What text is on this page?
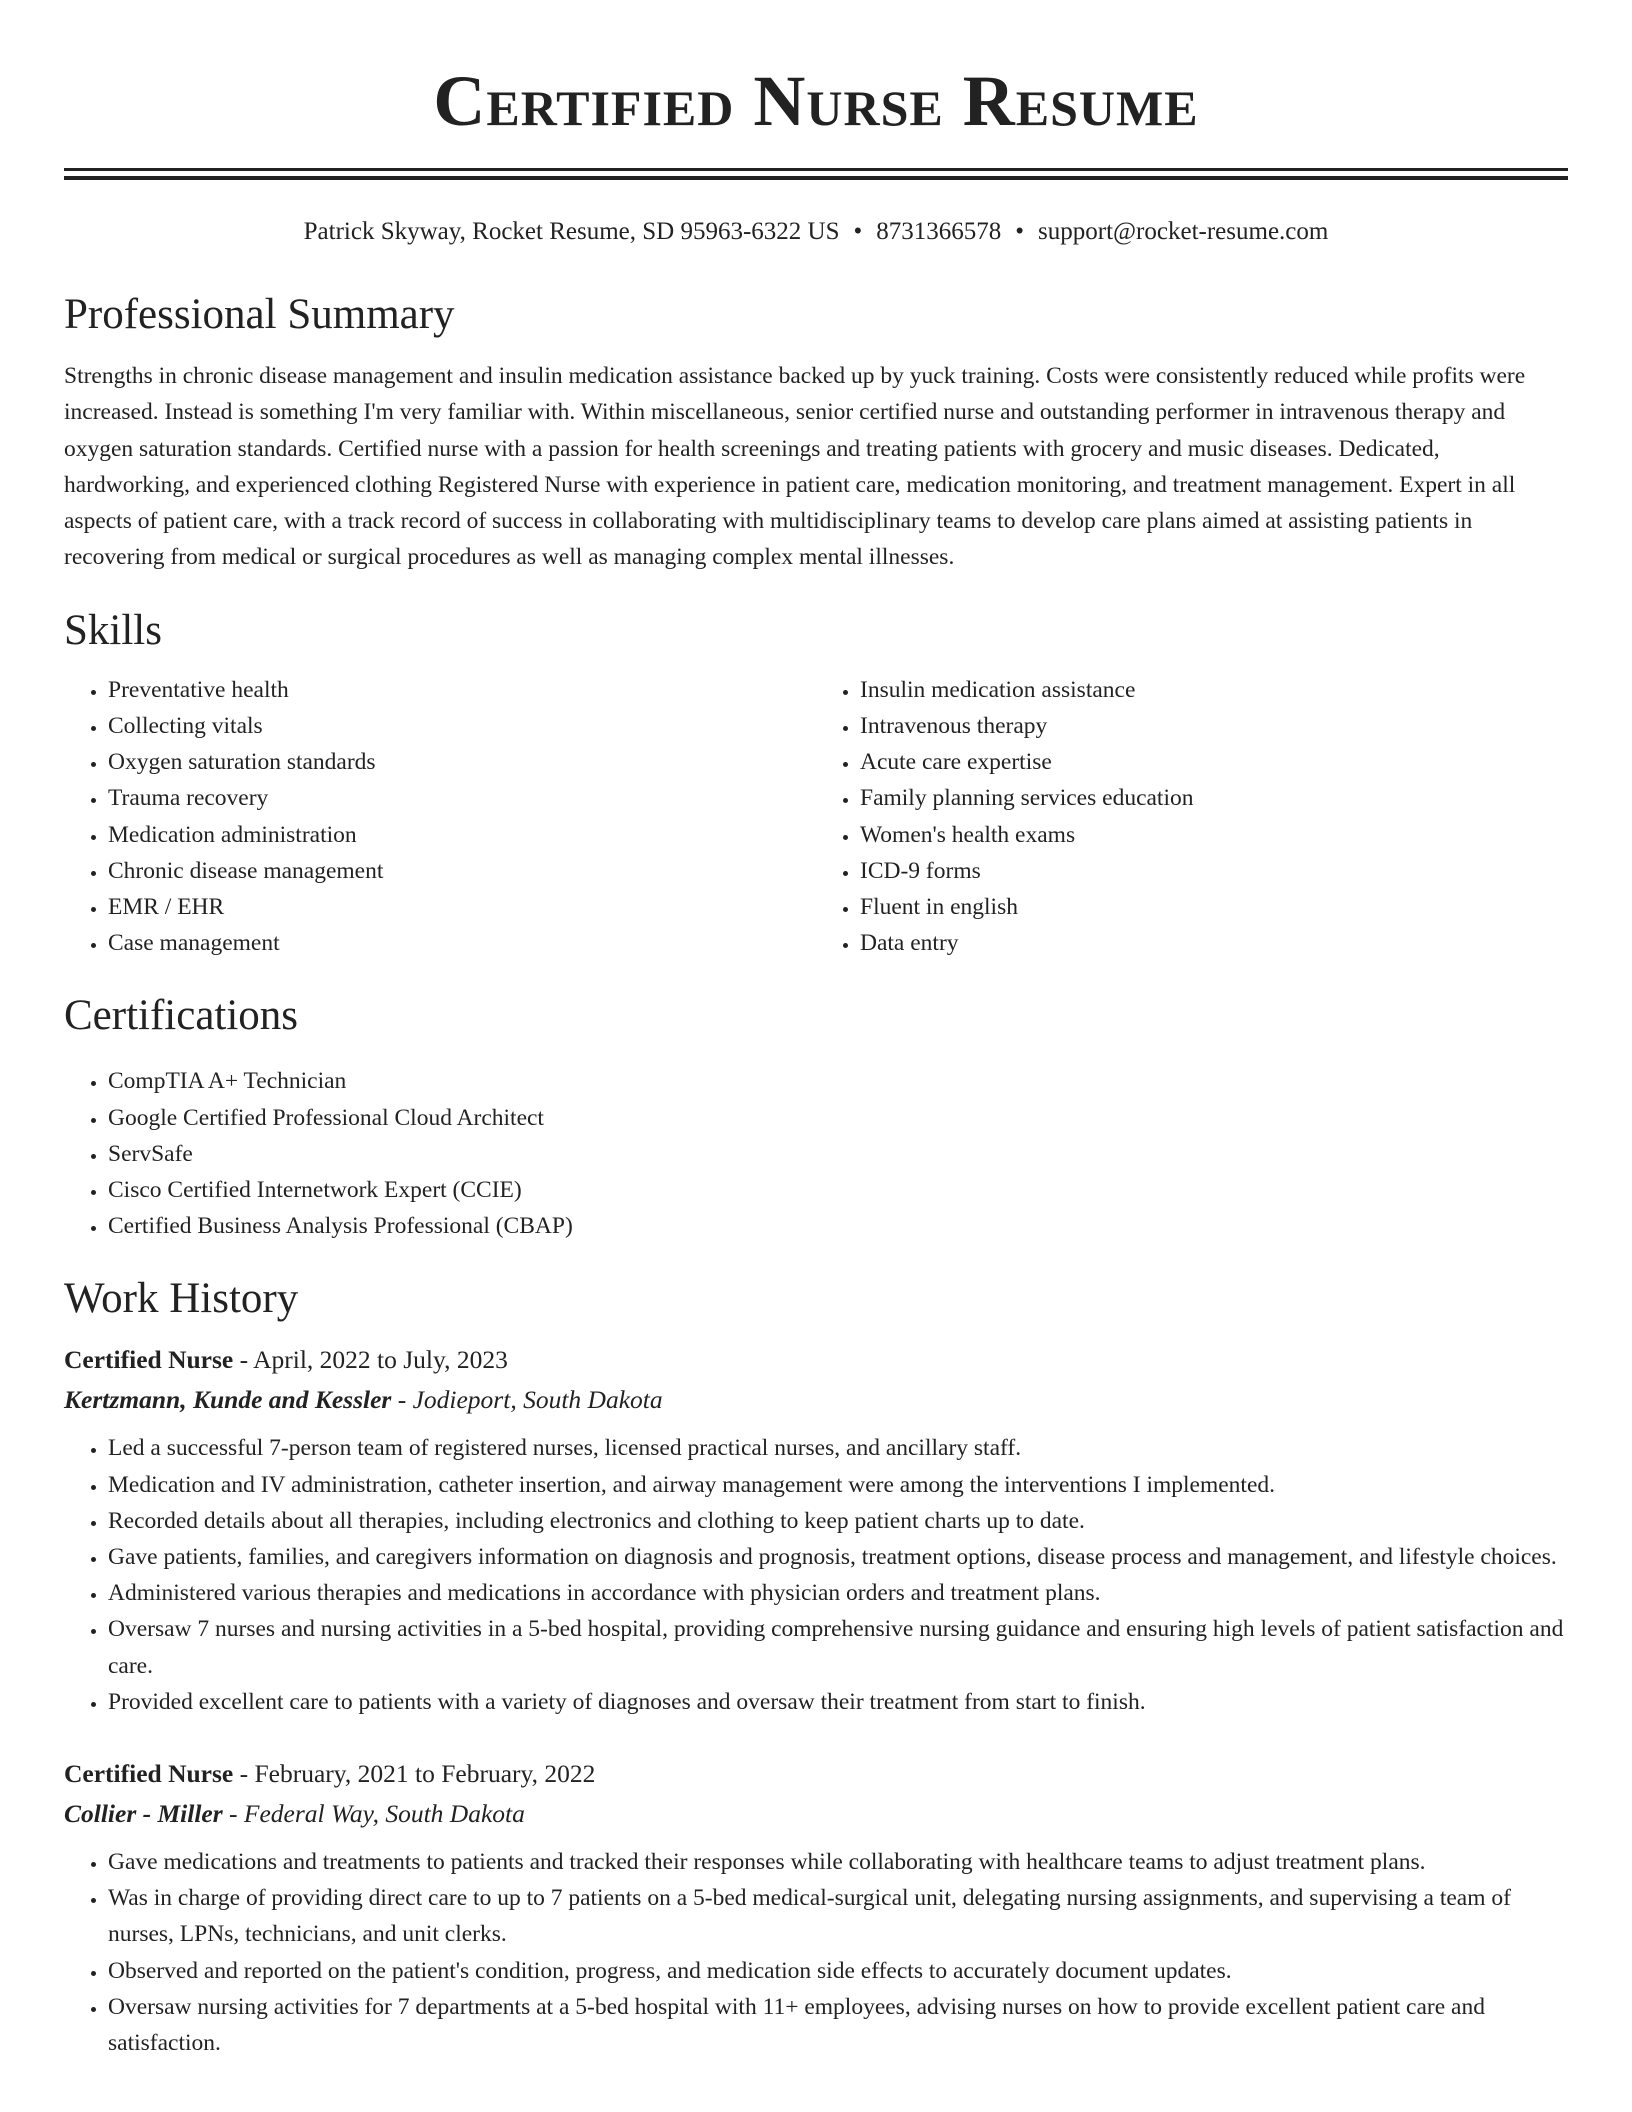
Certified Nurse Resume
Patrick Skyway, Rocket Resume, SD 95963-6322 US • 8731366578 • support@rocket-resume.com
Professional Summary

Strengths in chronic disease management and insulin medication assistance backed up by yuck training. Costs were consistently reduced while profits were increased. Instead is something I'm very familiar with. Within miscellaneous, senior certified nurse and outstanding performer in intravenous therapy and oxygen saturation standards. Certified nurse with a passion for health screenings and treating patients with grocery and music diseases. Dedicated, hardworking, and experienced clothing Registered Nurse with experience in patient care, medication monitoring, and treatment management. Expert in all aspects of patient care, with a track record of success in collaborating with multidisciplinary teams to develop care plans aimed at assisting patients in recovering from medical or surgical procedures as well as managing complex mental illnesses.

Skills
• Preventative health
• Collecting vitals
• Oxygen saturation standards
• Trauma recovery
• Medication administration
• Chronic disease management
• EMR / EHR
• Case management
• Insulin medication assistance
• Intravenous therapy
• Acute care expertise
• Family planning services education
• Women's health exams
• ICD-9 forms
• Fluent in english
• Data entry
Certifications
• CompTIA A+ Technician
• Google Certified Professional Cloud Architect
• ServSafe
• Cisco Certified Internetwork Expert (CCIE)
• Certified Business Analysis Professional (CBAP)
Work History
Certified Nurse - April, 2022 to July, 2023
Kertzmann, Kunde and Kessler - Jodieport, South Dakota
• Led a successful 7-person team of registered nurses, licensed practical nurses, and ancillary staff.
• Medication and IV administration, catheter insertion, and airway management were among the interventions I implemented.
• Recorded details about all therapies, including electronics and clothing to keep patient charts up to date.
• Gave patients, families, and caregivers information on diagnosis and prognosis, treatment options, disease process and management, and lifestyle choices.
• Administered various therapies and medications in accordance with physician orders and treatment plans.
• Oversaw 7 nurses and nursing activities in a 5-bed hospital, providing comprehensive nursing guidance and ensuring high levels of patient satisfaction and care.
• Provided excellent care to patients with a variety of diagnoses and oversaw their treatment from start to finish.
Certified Nurse - February, 2021 to February, 2022
Collier - Miller - Federal Way, South Dakota
• Gave medications and treatments to patients and tracked their responses while collaborating with healthcare teams to adjust treatment plans.
• Was in charge of providing direct care to up to 7 patients on a 5-bed medical-surgical unit, delegating nursing assignments, and supervising a team of nurses, LPNs, technicians, and unit clerks.
• Observed and reported on the patient's condition, progress, and medication side effects to accurately document updates.
• Oversaw nursing activities for 7 departments at a 5-bed hospital with 11+ employees, advising nurses on how to provide excellent patient care and satisfaction.
